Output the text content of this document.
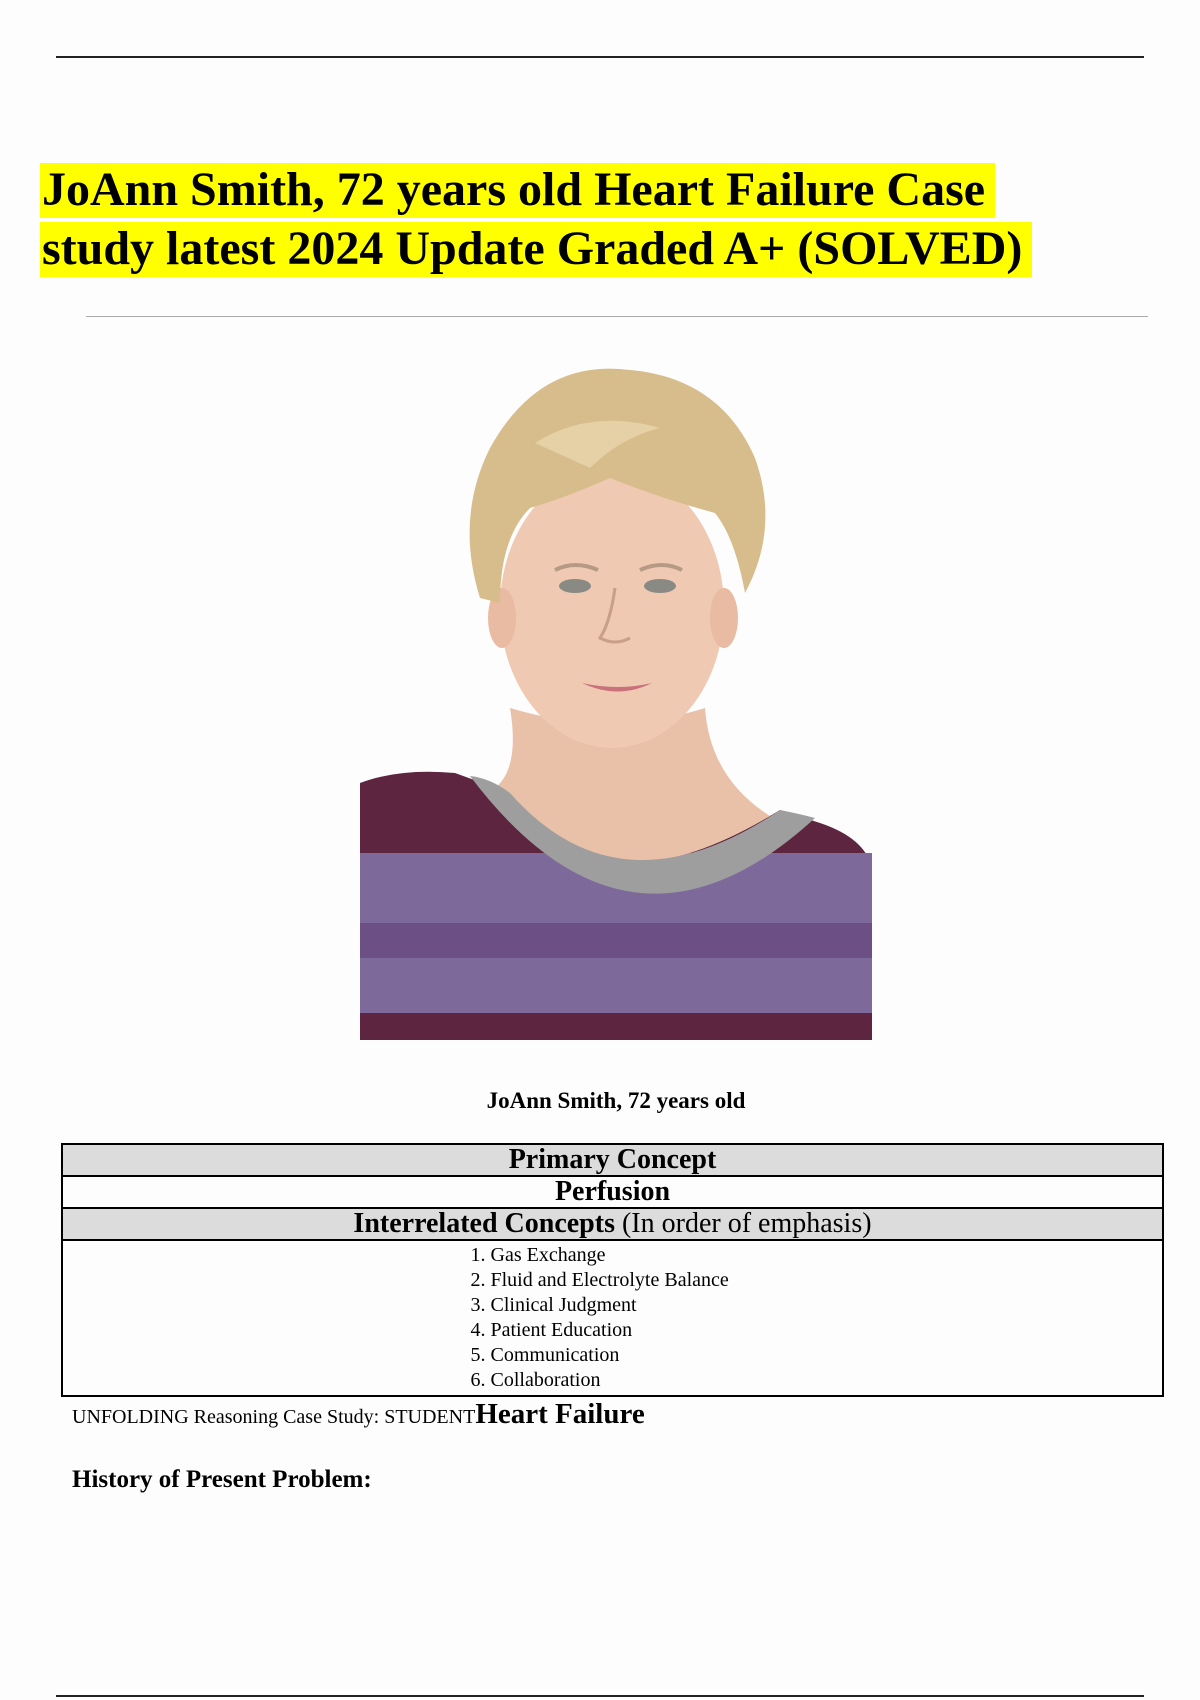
JoAnn Smith, 72 years old Heart Failure Case
study latest 2024 Update Graded A+ (SOLVED)
JoAnn Smith, 72 years old
Primary Concept
Perfusion
Interrelated Concepts (In order of emphasis)
1. Gas Exchange
2. Fluid and Electrolyte Balance
3. Clinical Judgment
4. Patient Education
5. Communication
6. Collaboration
UNFOLDING Reasoning Case Study: STUDENTHeart Failure
History of Present Problem:
